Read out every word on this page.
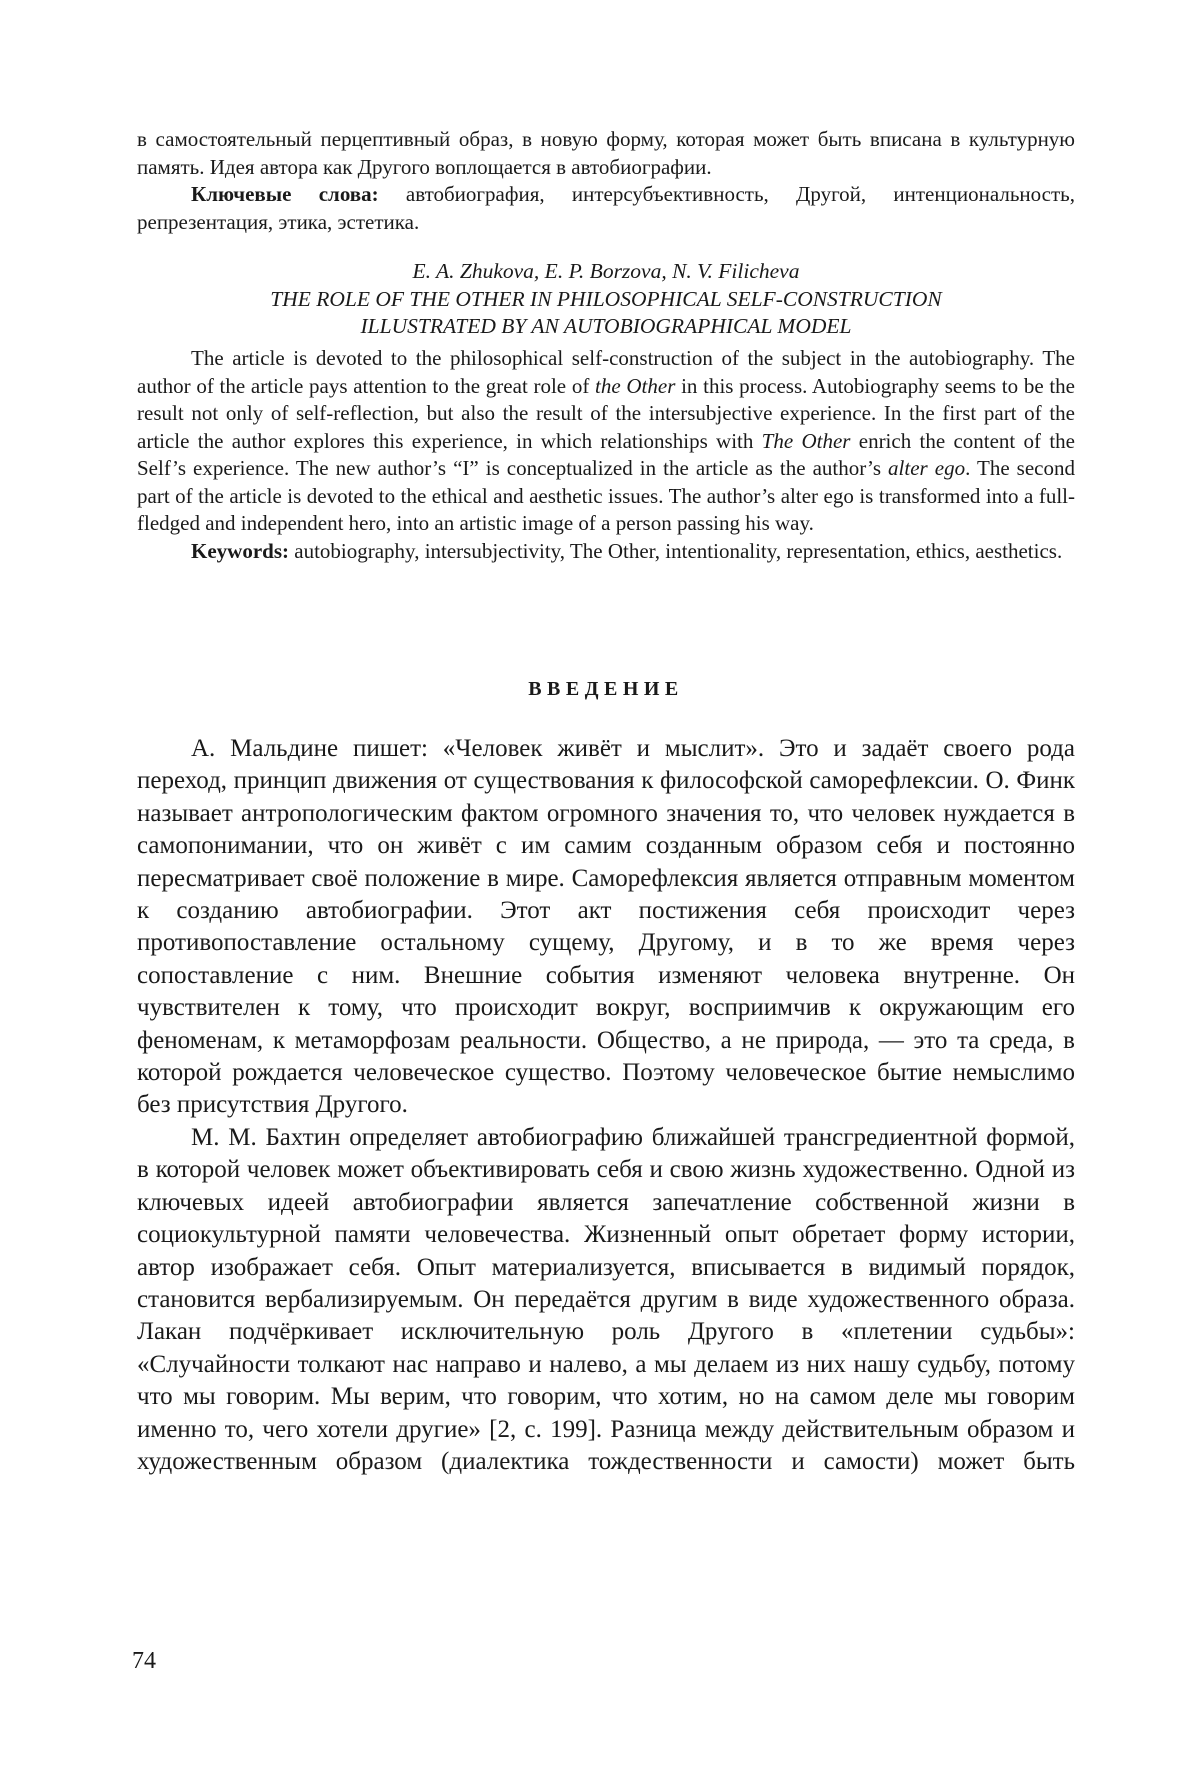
в самостоятельный перцептивный образ, в новую форму, которая может быть вписана в культурную память. Идея автора как Другого воплощается в автобиографии.

Ключевые слова: автобиография, интерсубъективность, Другой, интенциональность, репрезентация, этика, эстетика.

E. A. Zhukova, E. P. Borzova, N. V. Filicheva

THE ROLE OF THE OTHER IN PHILOSOPHICAL SELF-CONSTRUCTION

ILLUSTRATED BY AN AUTOBIOGRAPHICAL MODEL

The article is devoted to the philosophical self-construction of the subject in the autobiography. The author of the article pays attention to the great role of the Other in this process. Autobiography seems to be the result not only of self-reflection, but also the result of the intersubjective experience. In the first part of the article the author explores this experience, in which relationships with The Other enrich the content of the Self’s experience. The new author’s “I” is conceptualized in the article as the author’s alter ego. The second part of the article is devoted to the ethical and aesthetic issues. The author’s alter ego is transformed into a full-fledged and independent hero, into an artistic image of a person passing his way.

Keywords: autobiography, intersubjectivity, The Other, intentionality, representation, ethics, aesthetics.

ВВЕДЕНИЕ

А. Мальдине пишет: «Человек живёт и мыслит». Это и задаёт своего рода переход, принцип движения от существования к философской саморефлексии. О. Финк называет антропологическим фактом огромного значения то, что человек нуждается в самопонимании, что он живёт с им самим созданным образом себя и постоянно пересматривает своё положение в мире. Саморефлексия является отправным моментом к созданию автобиографии. Этот акт постижения себя происходит через противопоставление остальному сущему, Другому, и в то же время через сопоставление с ним. Внешние события изменяют человека внутренне. Он чувствителен к тому, что происходит вокруг, восприимчив к окружающим его феноменам, к метаморфозам реальности. Общество, а не природа, — это та среда, в которой рождается человеческое существо. Поэтому человеческое бытие немыслимо без присутствия Другого.

М. М. Бахтин определяет автобиографию ближайшей трансгредиентной формой, в которой человек может объективировать себя и свою жизнь художественно. Одной из ключевых идеей автобиографии является запечатление собственной жизни в социокультурной памяти человечества. Жизненный опыт обретает форму истории, автор изображает себя. Опыт материализуется, вписывается в видимый порядок, становится вербализируемым. Он передаётся другим в виде художественного образа. Лакан подчёркивает исключительную роль Другого в «плетении судьбы»: «Случайности толкают нас направо и налево, а мы делаем из них нашу судьбу, потому что мы говорим. Мы верим, что говорим, что хотим, но на самом деле мы говорим именно то, чего хотели другие» [2, с. 199]. Разница между действительным образом и художественным образом (диалектика тождественности и самости) может быть

74
